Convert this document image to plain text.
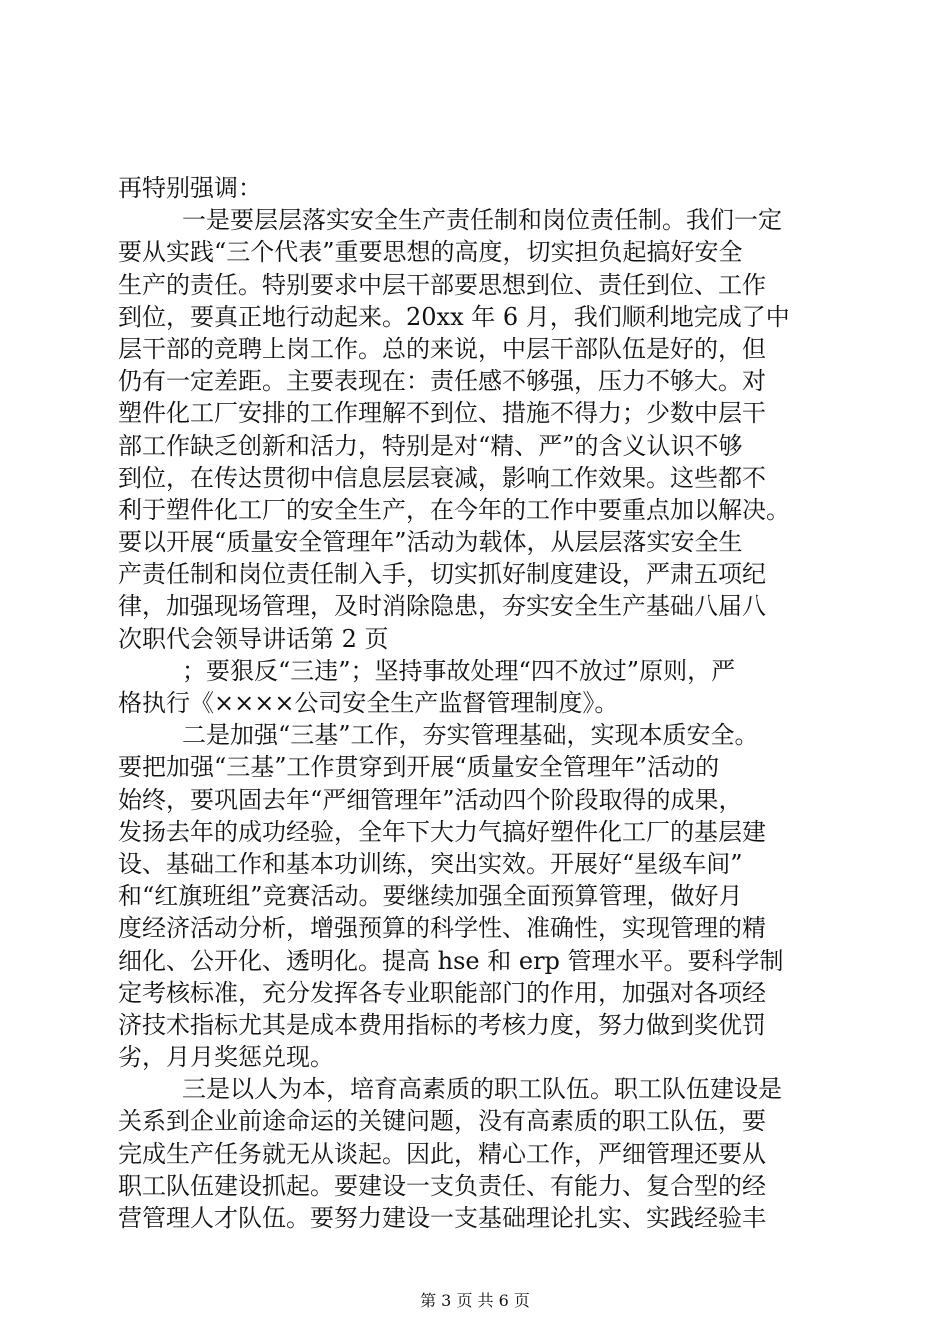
再特别强调：
一是要层层落实安全生产责任制和岗位责任制。我们一定
要从实践“三个代表”重要思想的高度，切实担负起搞好安全
生产的责任。特别要求中层干部要思想到位、责任到位、工作
到位，要真正地行动起来。20xx 年 6 月，我们顺利地完成了中
层干部的竞聘上岗工作。总的来说，中层干部队伍是好的，但
仍有一定差距。主要表现在：责任感不够强，压力不够大。对
塑件化工厂安排的工作理解不到位、措施不得力；少数中层干
部工作缺乏创新和活力，特别是对“精、严”的含义认识不够
到位，在传达贯彻中信息层层衰减，影响工作效果。这些都不
利于塑件化工厂的安全生产，在今年的工作中要重点加以解决。
要以开展“质量安全管理年”活动为载体，从层层落实安全生
产责任制和岗位责任制入手，切实抓好制度建设，严肃五项纪
律，加强现场管理，及时消除隐患，夯实安全生产基础八届八
次职代会领导讲话第 2 页
；要狠反“三违”；坚持事故处理“四不放过”原则，严
格执行《××××公司安全生产监督管理制度》。
二是加强“三基”工作，夯实管理基础，实现本质安全。
要把加强“三基”工作贯穿到开展“质量安全管理年”活动的
始终，要巩固去年“严细管理年”活动四个阶段取得的成果，
发扬去年的成功经验，全年下大力气搞好塑件化工厂的基层建
设、基础工作和基本功训练，突出实效。开展好“星级车间”
和“红旗班组”竞赛活动。要继续加强全面预算管理，做好月
度经济活动分析，增强预算的科学性、准确性，实现管理的精
细化、公开化、透明化。提高 hse 和 erp 管理水平。要科学制
定考核标准，充分发挥各专业职能部门的作用，加强对各项经
济技术指标尤其是成本费用指标的考核力度，努力做到奖优罚
劣，月月奖惩兑现。
三是以人为本，培育高素质的职工队伍。职工队伍建设是
关系到企业前途命运的关键问题，没有高素质的职工队伍，要
完成生产任务就无从谈起。因此，精心工作，严细管理还要从
职工队伍建设抓起。要建设一支负责任、有能力、复合型的经
营管理人才队伍。要努力建设一支基础理论扎实、实践经验丰
第 3 页 共 6 页
